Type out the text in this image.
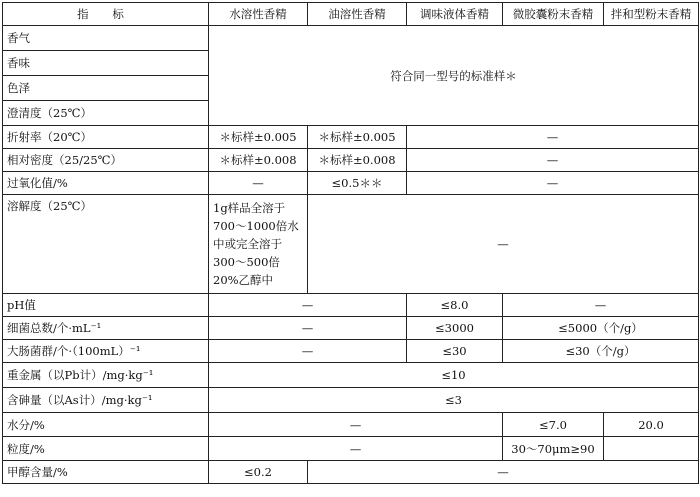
指 标	水溶性香精	油溶性香精	调味液体香精	微胶囊粉末香精	拌和型粉末香精
香气	符合同一型号的标准样＊				
香味					
色泽					
澄清度（25℃）					
折射率（20℃）	＊标样±0.005	＊标样±0.005	—		
相对密度（25/25℃）	＊标样±0.008	＊标样±0.008	—		
过氧化值/%	—	≤0.5＊＊	—		
溶解度（25℃）	1g样品全溶于700～1000倍水中或完全溶于300～500倍20%乙醇中	—			
pH值	—		≤8.0	—	
细菌总数/个·mL⁻¹	—		≤3000	≤5000（个/g）	
大肠菌群/个·（100mL）⁻¹	—		≤30	≤30（个/g）	
重金属（以Pb计）/mg·kg⁻¹	≤10				
含砷量（以As计）/mg·kg⁻¹	≤3				
水分/%	—			≤7.0	20.0
粒度/%	—			30～70μm≥90	
甲醇含量/%	≤0.2	—			
